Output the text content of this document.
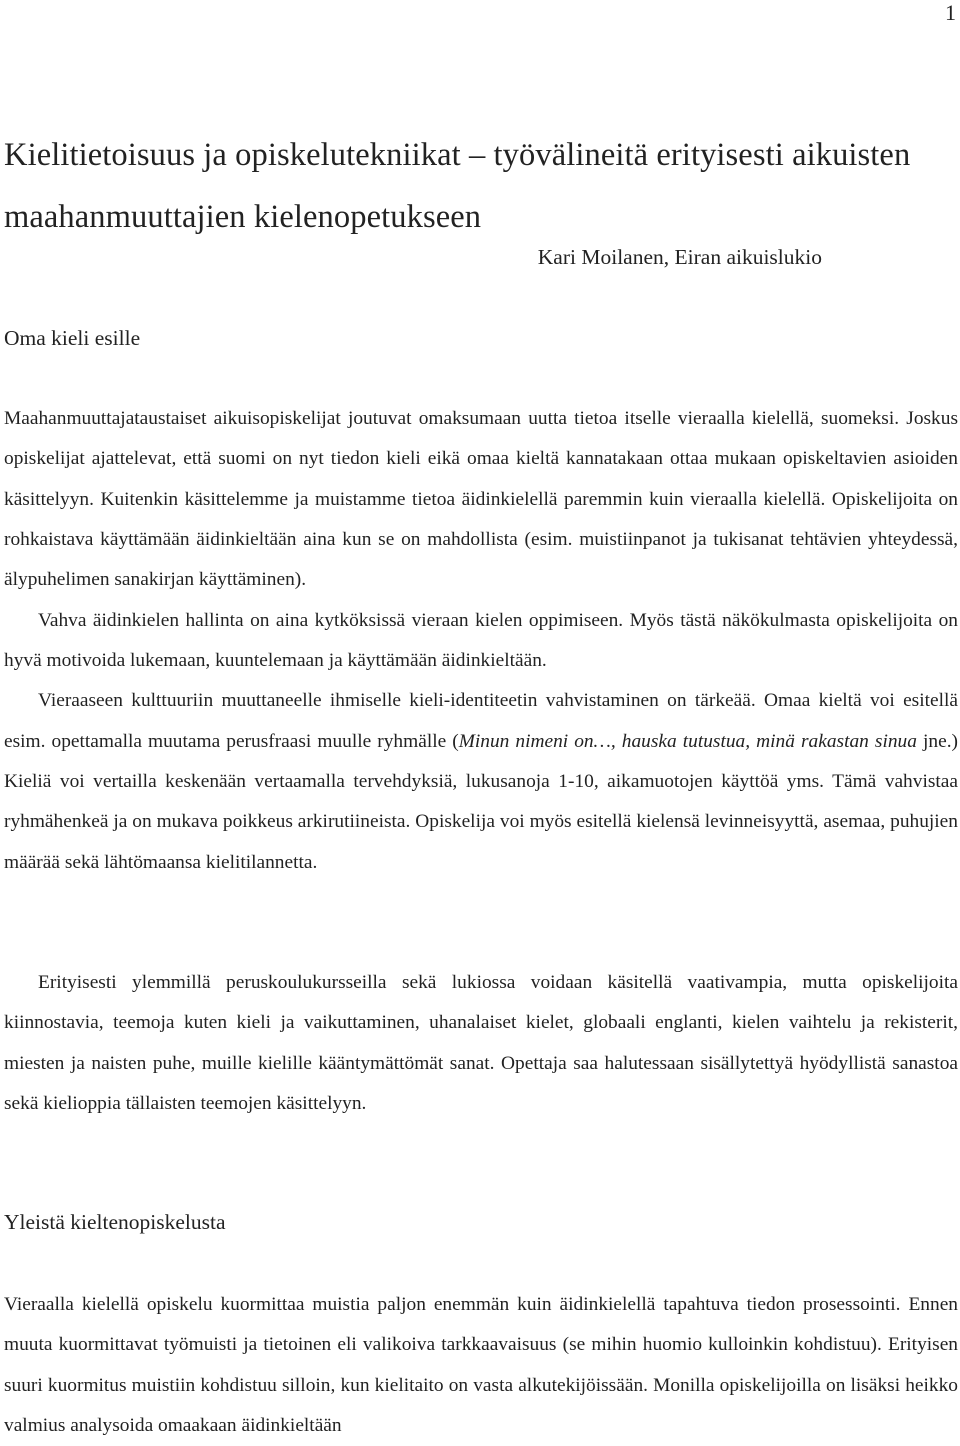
1
Kielitietoisuus ja opiskelutekniikat – työvälineitä erityisesti aikuisten maahanmuuttajien kielenopetukseen
Kari Moilanen, Eiran aikuislukio
Oma kieli esille

Maahanmuuttajataustaiset aikuisopiskelijat joutuvat omaksumaan uutta tietoa itselle vieraalla kielellä, suomeksi. Joskus opiskelijat ajattelevat, että suomi on nyt tiedon kieli eikä omaa kieltä kannatakaan ottaa mukaan opiskeltavien asioiden käsittelyyn. Kuitenkin käsittelemme ja muistamme tietoa äidinkielellä paremmin kuin vieraalla kielellä. Opiskelijoita on rohkaistava käyttämään äidinkieltään aina kun se on mahdollista (esim. muistiinpanot ja tukisanat tehtävien yhteydessä, älypuhelimen sanakirjan käyttäminen).

Vahva äidinkielen hallinta on aina kytköksissä vieraan kielen oppimiseen. Myös tästä näkökulmasta opiskelijoita on hyvä motivoida lukemaan, kuuntelemaan ja käyttämään äidinkieltään.

Vieraaseen kulttuuriin muuttaneelle ihmiselle kieli-identiteetin vahvistaminen on tärkeää. Omaa kieltä voi esitellä esim. opettamalla muutama perusfraasi muulle ryhmälle (Minun nimeni on…, hauska tutustua, minä rakastan sinua jne.) Kieliä voi vertailla keskenään vertaamalla tervehdyksiä, lukusanoja 1-10, aikamuotojen käyttöä yms. Tämä vahvistaa ryhmähenkeä ja on mukava poikkeus arkirutiineista. Opiskelija voi myös esitellä kielensä levinneisyyttä, asemaa, puhujien määrää sekä lähtömaansa kielitilannetta.

Erityisesti ylemmillä peruskoulukursseilla sekä lukiossa voidaan käsitellä vaativampia, mutta opiskelijoita kiinnostavia, teemoja kuten kieli ja vaikuttaminen, uhanalaiset kielet, globaali englanti, kielen vaihtelu ja rekisterit, miesten ja naisten puhe, muille kielille kääntymättömät sanat. Opettaja saa halutessaan sisällytettyä hyödyllistä sanastoa sekä kielioppia tällaisten teemojen käsittelyyn.

Yleistä kieltenopiskelusta

Vieraalla kielellä opiskelu kuormittaa muistia paljon enemmän kuin äidinkielellä tapahtuva tiedon prosessointi. Ennen muuta kuormittavat työmuisti ja tietoinen eli valikoiva tarkkaavaisuus (se mihin huomio kulloinkin kohdistuu). Erityisen suuri kuormitus muistiin kohdistuu silloin, kun kielitaito on vasta alkutekijöissään. Monilla opiskelijoilla on lisäksi heikko valmius analysoida omaakaan äidinkieltään
